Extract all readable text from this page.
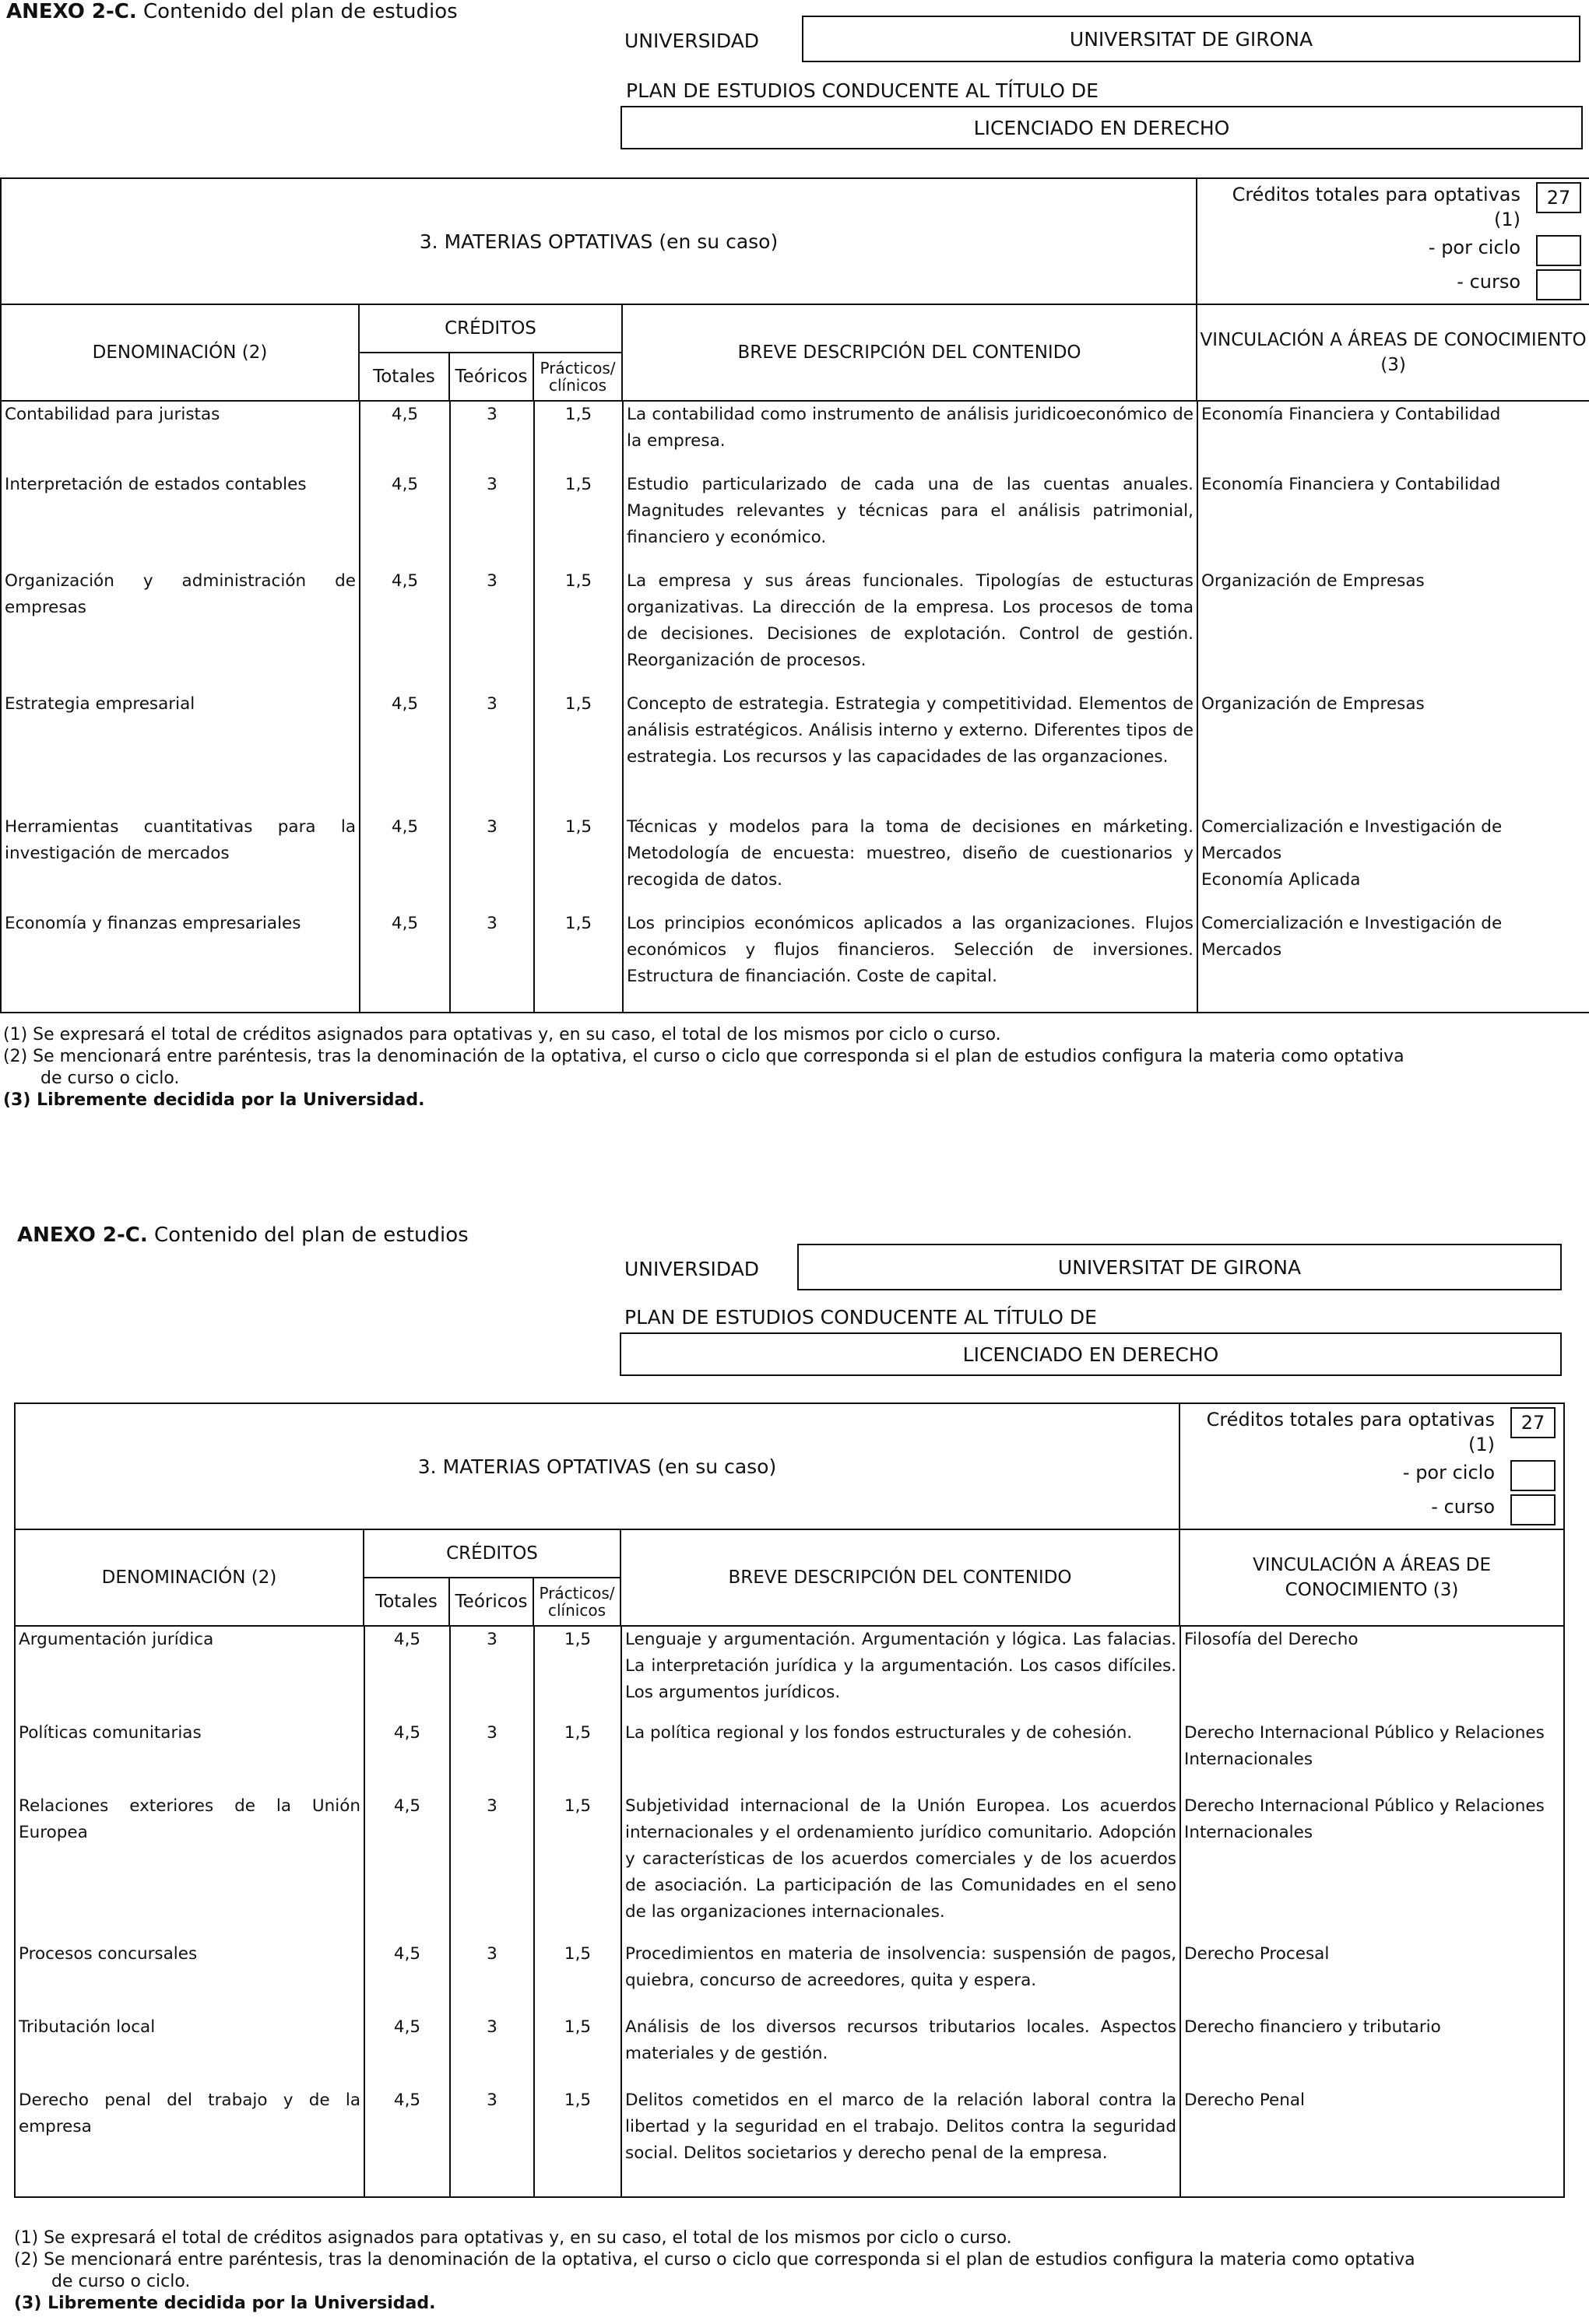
ANEXO 2-C. Contenido del plan de estudios
UNIVERSIDAD	UNIVERSITAT DE GIRONA
PLAN DE ESTUDIOS CONDUCENTE AL TÍTULO DE
LICENCIADO EN DERECHO
3. MATERIAS OPTATIVAS (en su caso)	
Créditos totales para optativas (1)
27
- por ciclo
- curso

DENOMINACIÓN (2)	CRÉDITOS	BREVE DESCRIPCIÓN DEL CONTENIDO	VINCULACIÓN A ÁREAS DE CONOCIMIENTO (3)
Totales	Teóricos	Prácticos/ clínicos

Contabilidad para juristas	4,5	3	1,5	La contabilidad como instrumento de análisis juridicoeconómico de la empresa.	Economía Financiera y Contabilidad
Interpretación de estados contables	4,5	3	1,5	Estudio particularizado de cada una de las cuentas anuales. Magnitudes relevantes y técnicas para el análisis patrimonial, financiero y económico.	Economía Financiera y Contabilidad
Organización y administración de empresas	4,5	3	1,5	La empresa y sus áreas funcionales. Tipologías de estucturas organizativas. La dirección de la empresa. Los procesos de toma de decisiones. Decisiones de explotación. Control de gestión. Reorganización de procesos.	Organización de Empresas
Estrategia empresarial	4,5	3	1,5	Concepto de estrategia. Estrategia y competitividad. Elementos de análisis estratégicos. Análisis interno y externo. Diferentes tipos de estrategia. Los recursos y las capacidades de las organzaciones.	Organización de Empresas
Herramientas cuantitativas para la investigación de mercados	4,5	3	1,5	Técnicas y modelos para la toma de decisiones en márketing. Metodología de encuesta: muestreo, diseño de cuestionarios y recogida de datos.	Comercialización e Investigación de Mercados
Economía Aplicada
Economía y finanzas empresariales	4,5	3	1,5	Los principios económicos aplicados a las organizaciones. Flujos económicos y flujos financieros. Selección de inversiones. Estructura de financiación. Coste de capital.	Comercialización e Investigación de Mercados
(1) Se expresará el total de créditos asignados para optativas y, en su caso, el total de los mismos por ciclo o curso.
(2) Se mencionará entre paréntesis, tras la denominación de la optativa, el curso o ciclo que corresponda si el plan de estudios configura la materia como optativa
de curso o ciclo.
(3) Libremente decidida por la Universidad.
ANEXO 2-C. Contenido del plan de estudios
UNIVERSIDAD	UNIVERSITAT DE GIRONA
PLAN DE ESTUDIOS CONDUCENTE AL TÍTULO DE
LICENCIADO EN DERECHO
3. MATERIAS OPTATIVAS (en su caso)	
Créditos totales para optativas (1)
27
- por ciclo
- curso

DENOMINACIÓN (2)	CRÉDITOS	BREVE DESCRIPCIÓN DEL CONTENIDO	VINCULACIÓN A ÁREAS DE CONOCIMIENTO (3)
Totales	Teóricos	Prácticos/ clínicos

Argumentación jurídica	4,5	3	1,5	Lenguaje y argumentación. Argumentación y lógica. Las falacias. La interpretación jurídica y la argumentación. Los casos difíciles. Los argumentos jurídicos.	Filosofía del Derecho
Políticas comunitarias	4,5	3	1,5	La política regional y los fondos estructurales y de cohesión.	Derecho Internacional Público y Relaciones Internacionales
Relaciones exteriores de la Unión Europea	4,5	3	1,5	Subjetividad internacional de la Unión Europea. Los acuerdos internacionales y el ordenamiento jurídico comunitario. Adopción y características de los acuerdos comerciales y de los acuerdos de asociación. La participación de las Comunidades en el seno de las organizaciones internacionales.	Derecho Internacional Público y Relaciones Internacionales
Procesos concursales	4,5	3	1,5	Procedimientos en materia de insolvencia: suspensión de pagos, quiebra, concurso de acreedores, quita y espera.	Derecho Procesal
Tributación local	4,5	3	1,5	Análisis de los diversos recursos tributarios locales. Aspectos materiales y de gestión.	Derecho financiero y tributario
Derecho penal del trabajo y de la empresa	4,5	3	1,5	Delitos cometidos en el marco de la relación laboral contra la libertad y la seguridad en el trabajo. Delitos contra la seguridad social. Delitos societarios y derecho penal de la empresa.	Derecho Penal
(1) Se expresará el total de créditos asignados para optativas y, en su caso, el total de los mismos por ciclo o curso.
(2) Se mencionará entre paréntesis, tras la denominación de la optativa, el curso o ciclo que corresponda si el plan de estudios configura la materia como optativa
de curso o ciclo.
(3) Libremente decidida por la Universidad.
